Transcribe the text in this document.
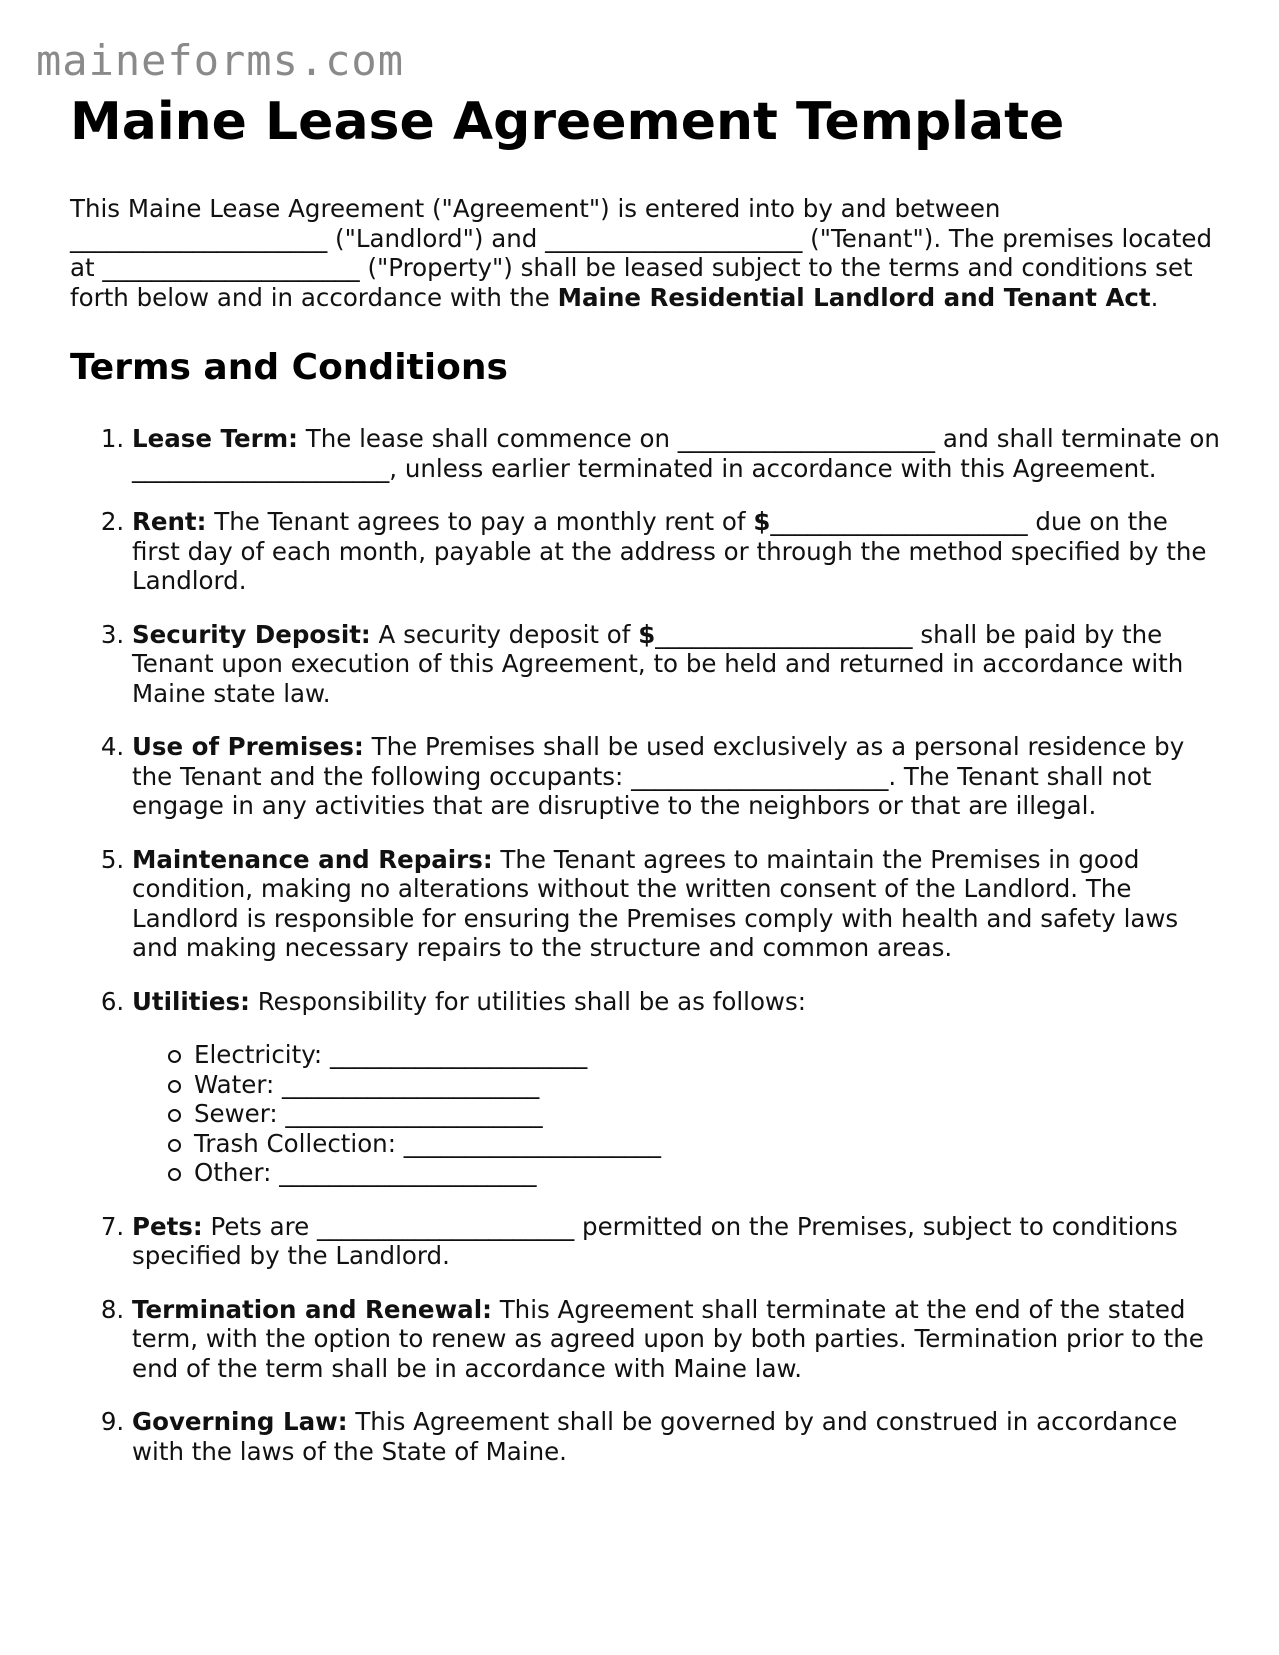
maineforms.com
Maine Lease Agreement Template

This Maine Lease Agreement ("Agreement") is entered into by and between _____________________ ("Landlord") and _____________________ ("Tenant"). The premises located at _____________________ ("Property") shall be leased subject to the terms and conditions set forth below and in accordance with the Maine Residential Landlord and Tenant Act.

Terms and Conditions
1. Lease Term: The lease shall commence on _____________________ and shall terminate on _____________________, unless earlier terminated in accordance with this Agreement.
2. Rent: The Tenant agrees to pay a monthly rent of $_____________________ due on the first day of each month, payable at the address or through the method specified by the Landlord.
3. Security Deposit: A security deposit of $_____________________ shall be paid by the Tenant upon execution of this Agreement, to be held and returned in accordance with Maine state law.
4. Use of Premises: The Premises shall be used exclusively as a personal residence by the Tenant and the following occupants: _____________________. The Tenant shall not engage in any activities that are disruptive to the neighbors or that are illegal.
5. Maintenance and Repairs: The Tenant agrees to maintain the Premises in good condition, making no alterations without the written consent of the Landlord. The Landlord is responsible for ensuring the Premises comply with health and safety laws and making necessary repairs to the structure and common areas.
6. Utilities: Responsibility for utilities shall be as follows:
Electricity: _____________________
Water: _____________________
Sewer: _____________________
Trash Collection: _____________________
Other: _____________________
7. Pets: Pets are _____________________ permitted on the Premises, subject to conditions specified by the Landlord.
8. Termination and Renewal: This Agreement shall terminate at the end of the stated term, with the option to renew as agreed upon by both parties. Termination prior to the end of the term shall be in accordance with Maine law.
9. Governing Law: This Agreement shall be governed by and construed in accordance with the laws of the State of Maine.
